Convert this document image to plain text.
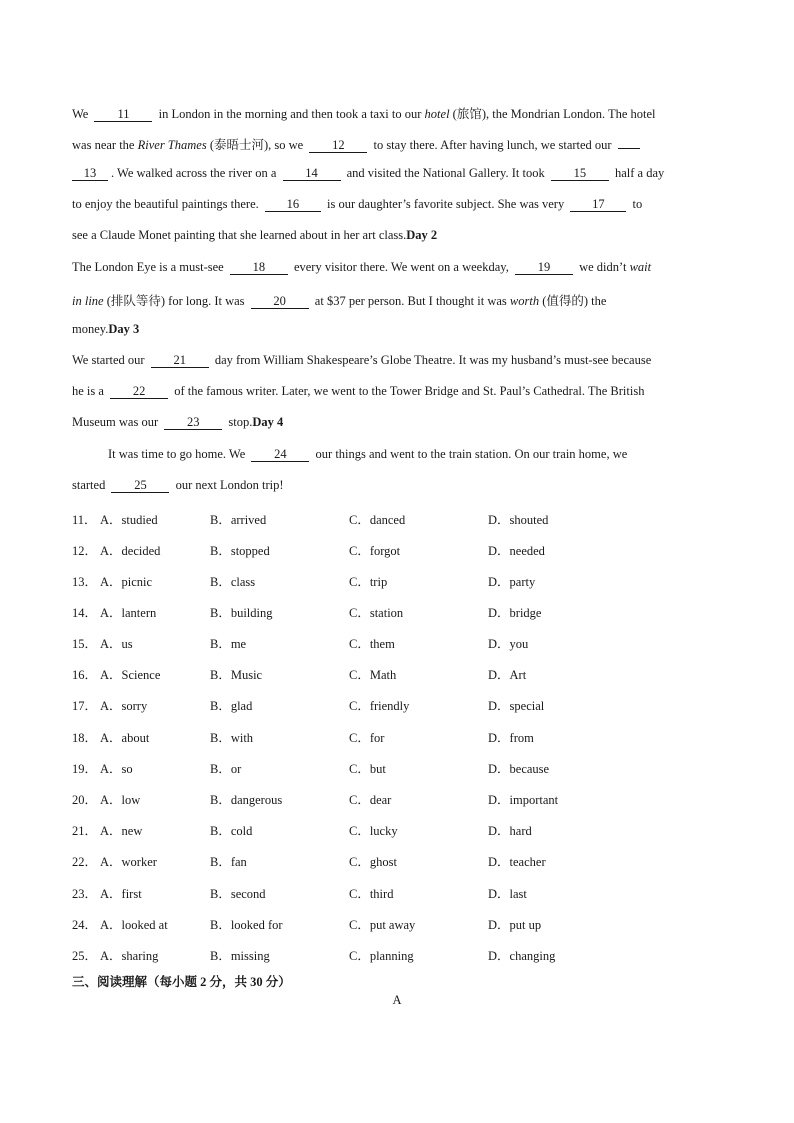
We 11 in London in the morning and then took a taxi to our hotel (旅馆), the Mondrian London. The hotel
was near the River Thames (泰晤士河), so we 12 to stay there. After having lunch, we started our
13 . We walked across the river on a 14 and visited the National Gallery. It took 15 half a day
to enjoy the beautiful paintings there. 16 is our daughter’s favorite subject. She was very 17 to
see a Claude Monet painting that she learned about in her art class.Day 2
The London Eye is a must-see 18 every visitor there. We went on a weekday, 19 we didn’t wait
in line (排队等待) for long. It was 20 at $37 per person. But I thought it was worth (值得的) the
money.Day 3
We started our 21 day from William Shakespeare’s Globe Theatre. It was my husband’s must-see because
he is a 22 of the famous writer. Later, we went to the Tower Bridge and St. Paul’s Cathedral. The British
Museum was our 23 stop.Day 4
It was time to go home. We 24 our things and went to the train station. On our train home, we
started 25 our next London trip!
11． A．studied	B．arrived	C．danced	D．shouted
12． A．decided	B．stopped	C．forgot	D．needed
13． A．picnic	B．class	C．trip	D．party
14． A．lantern	B．building	C．station	D．bridge
15． A．us	B．me	C．them	D．you
16． A．Science	B．Music	C．Math	D．Art
17． A．sorry	B．glad	C．friendly	D．special
18． A．about	B．with	C．for	D．from
19． A．so	B．or	C．but	D．because
20． A．low	B．dangerous	C．dear	D．important
21． A．new	B．cold	C．lucky	D．hard
22． A．worker	B．fan	C．ghost	D．teacher
23． A．first	B．second	C．third	D．last
24． A．looked at	B．looked for	C．put away	D．put up
25． A．sharing	B．missing	C．planning	D．changing
三、阅读理解（每小题 2 分，共 30 分）
A
